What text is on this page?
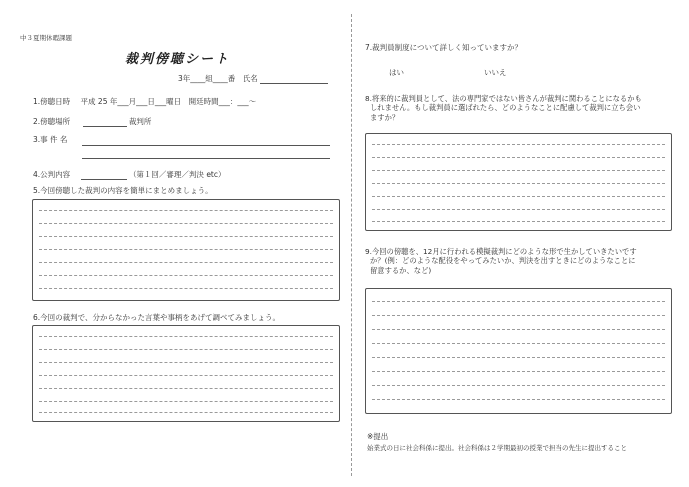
中３夏期休暇課題
裁判傍聴シート
3年____組____番　氏名
1.傍聴日時 平成 25 年___月___日___曜日　開廷時間___：___〜
2.傍聴場所	裁判所
3.事 件 名
4.公判内容	（第１回／審理／判決 etc）
5.今回傍聴した裁判の内容を簡単にまとめましょう。
6.今回の裁判で、分からなかった言葉や事柄をあげて調べてみましょう。
7.裁判員制度について詳しく知っていますか？
はい	いいえ
8.将来的に裁判員として、法の専門家ではない皆さんが裁判に関わることになるかも
しれません。もし裁判員に選ばれたら、どのようなことに配慮して裁判に立ち会い
ますか？
9.今回の傍聴を、12月に行われる模擬裁判にどのような形で生かしていきたいです
か？(例：どのような配役をやってみたいか、判決を出すときにどのようなことに
留意するか、など)
※提出
始業式の日に社会科係に提出。社会科係は２学期最初の授業で担当の先生に提出すること
